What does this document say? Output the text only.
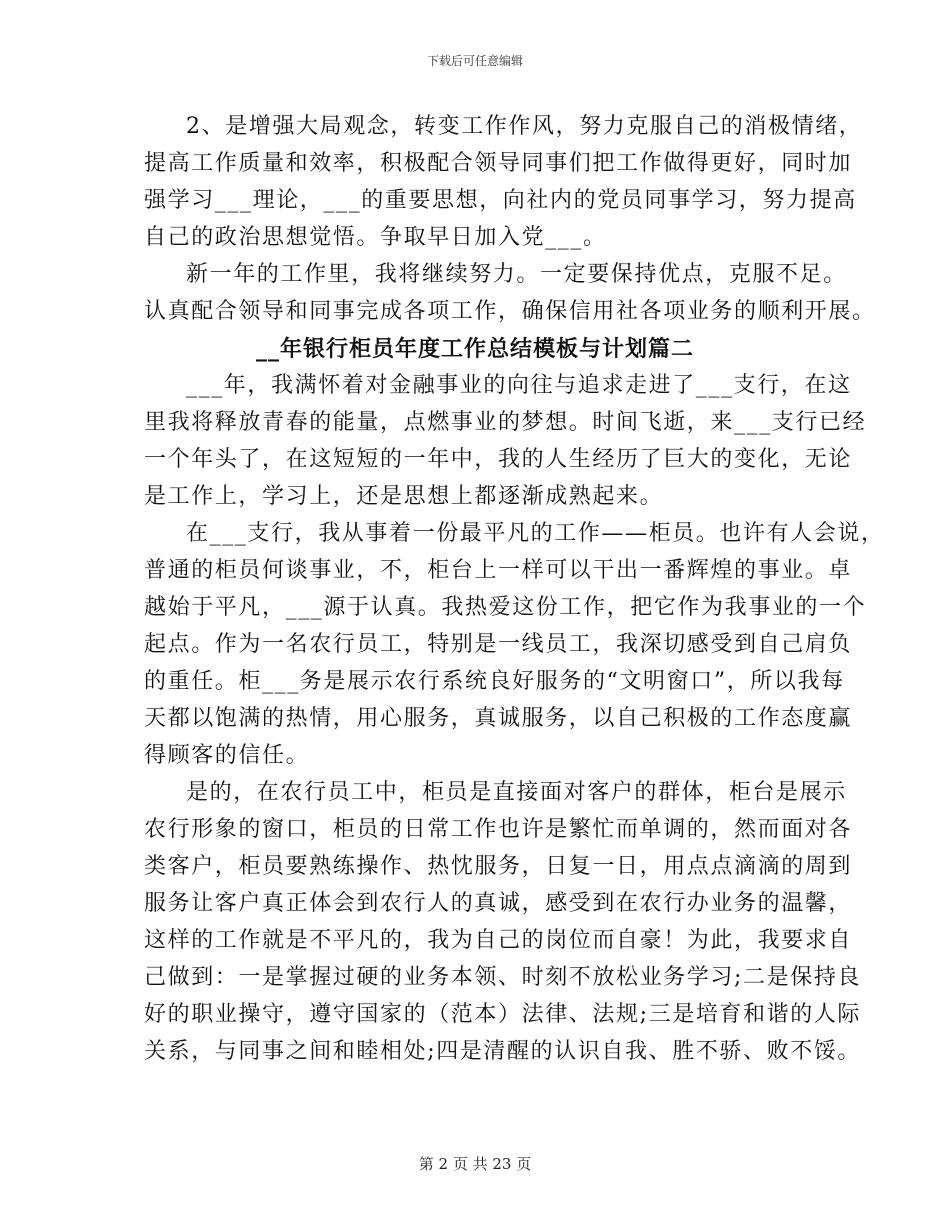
下载后可任意编辑
2、是增强大局观念，转变工作作风，努力克服自己的消极情绪，
提高工作质量和效率，积极配合领导同事们把工作做得更好，同时加
强学习___理论，___的重要思想，向社内的党员同事学习，努力提高
自己的政治思想觉悟。争取早日加入党___。
新一年的工作里，我将继续努力。一定要保持优点，克服不足。
认真配合领导和同事完成各项工作，确保信用社各项业务的顺利开展。
__年银行柜员年度工作总结模板与计划篇二
___年，我满怀着对金融事业的向往与追求走进了___支行，在这
里我将释放青春的能量，点燃事业的梦想。时间飞逝，来___支行已经
一个年头了，在这短短的一年中，我的人生经历了巨大的变化，无论
是工作上，学习上，还是思想上都逐渐成熟起来。
在___支行，我从事着一份最平凡的工作——柜员。也许有人会说，
普通的柜员何谈事业，不，柜台上一样可以干出一番辉煌的事业。卓
越始于平凡，___源于认真。我热爱这份工作，把它作为我事业的一个
起点。作为一名农行员工，特别是一线员工，我深切感受到自己肩负
的重任。柜___务是展示农行系统良好服务的“文明窗口”，所以我每
天都以饱满的热情，用心服务，真诚服务，以自己积极的工作态度赢
得顾客的信任。
是的，在农行员工中，柜员是直接面对客户的群体，柜台是展示
农行形象的窗口，柜员的日常工作也许是繁忙而单调的，然而面对各
类客户，柜员要熟练操作、热忱服务，日复一日，用点点滴滴的周到
服务让客户真正体会到农行人的真诚，感受到在农行办业务的温馨，
这样的工作就是不平凡的，我为自己的岗位而自豪！为此，我要求自
己做到：一是掌握过硬的业务本领、时刻不放松业务学习;二是保持良
好的职业操守，遵守国家的（范本）法律、法规;三是培育和谐的人际
关系，与同事之间和睦相处;四是清醒的认识自我、胜不骄、败不馁。
第 2 页 共 23 页
